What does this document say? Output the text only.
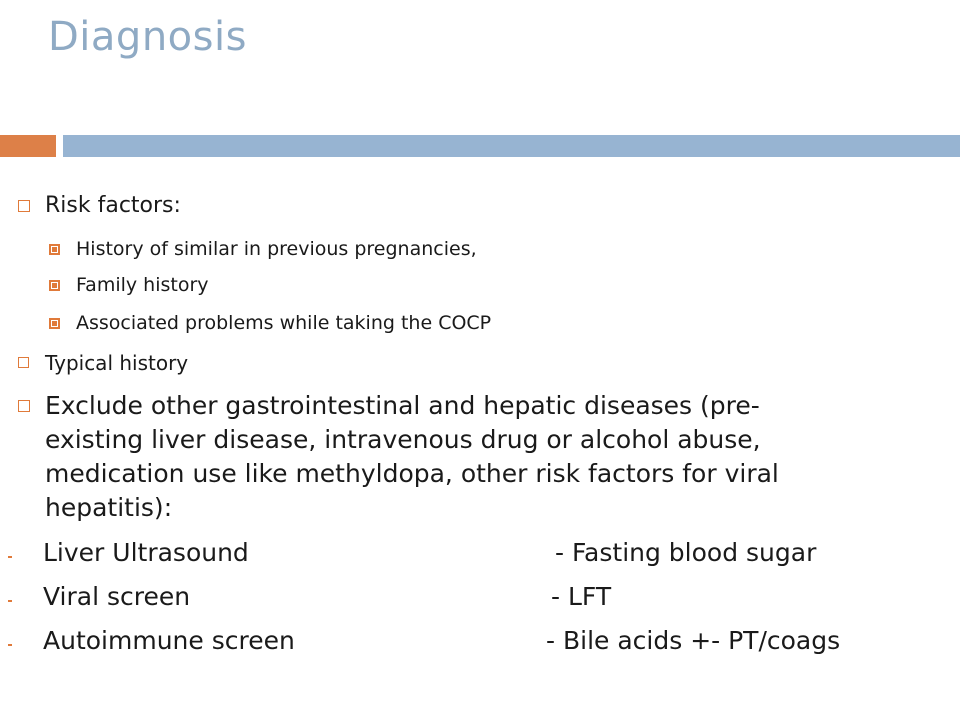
Diagnosis
Risk factors:
History of similar in previous pregnancies,
Family history
Associated problems while taking the COCP
Typical history
Exclude other gastrointestinal and hepatic diseases (pre-
existing liver disease, intravenous drug or alcohol abuse,
medication use like methyldopa, other risk factors for viral
hepatitis):
Liver Ultrasound	- Fasting blood sugar
Viral screen	- LFT
Autoimmune screen	- Bile acids +- PT/coags
